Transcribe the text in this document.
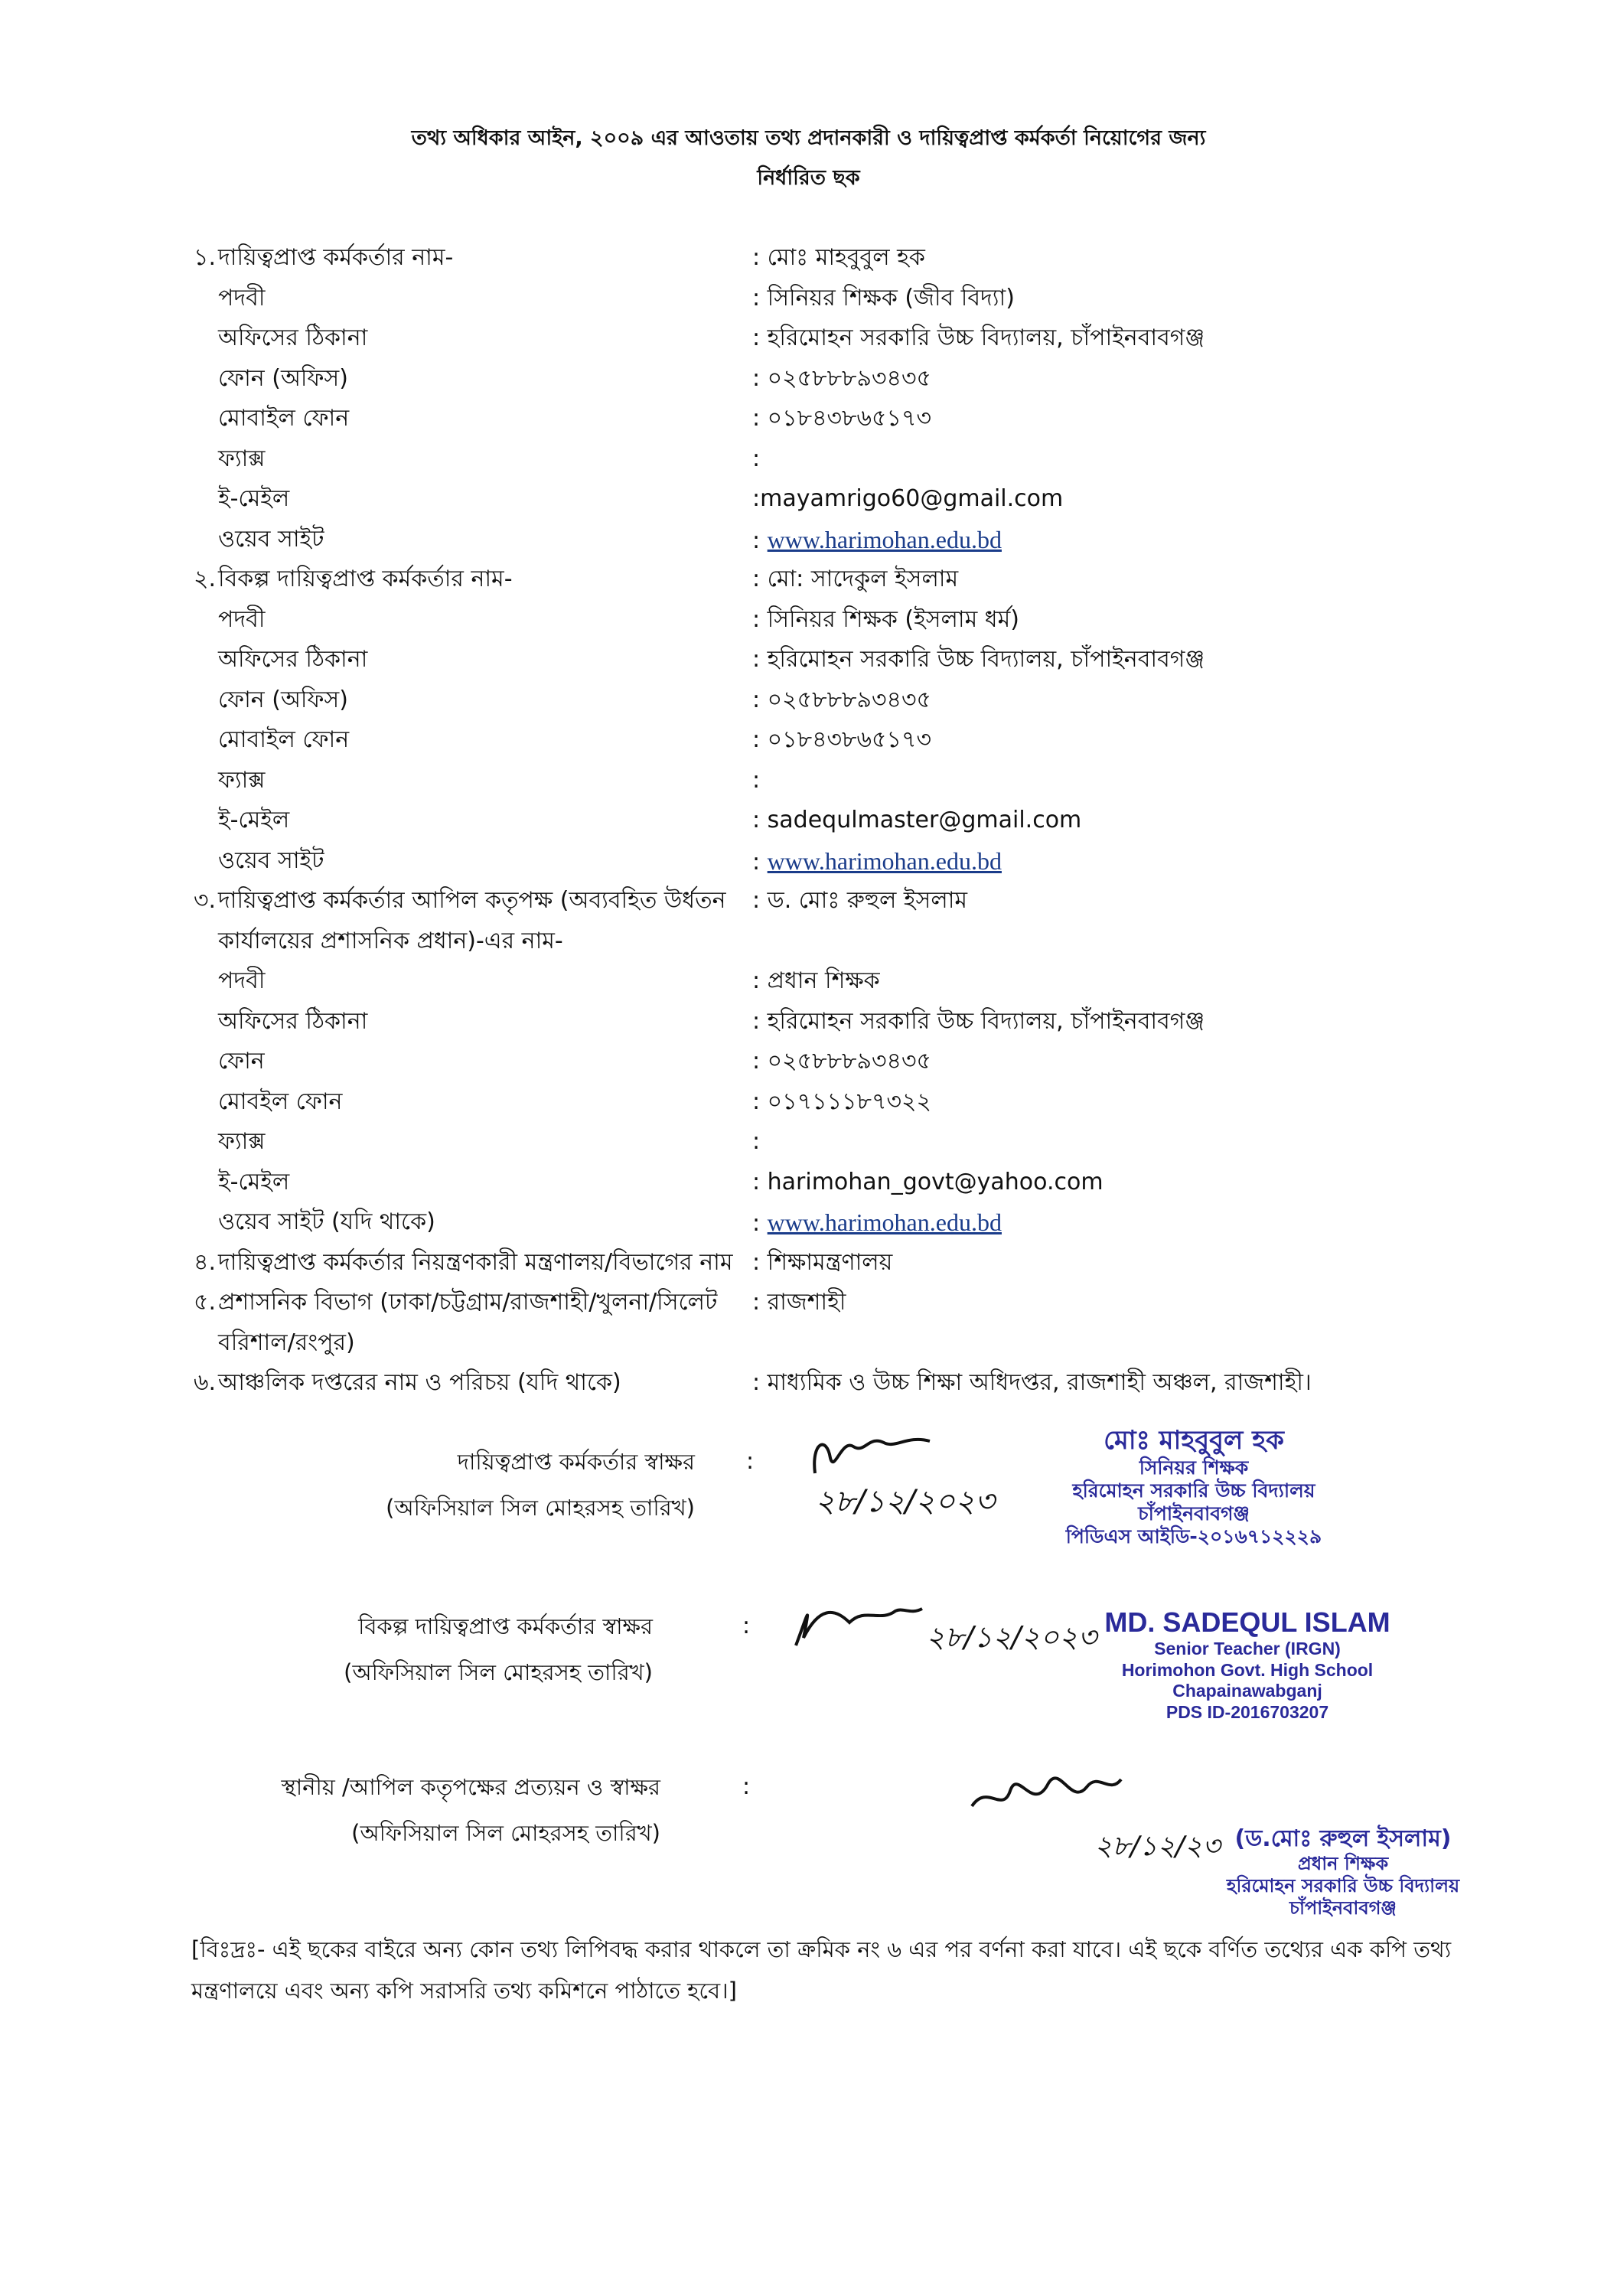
তথ্য অধিকার আইন, ২০০৯ এর আওতায় তথ্য প্রদানকারী ও দায়িত্বপ্রাপ্ত কর্মকর্তা নিয়োগের জন্য
নির্ধারিত ছক
১. দায়িত্বপ্রাপ্ত কর্মকর্তার নাম-	: মোঃ মাহবুবুল হক
পদবী	: সিনিয়র শিক্ষক (জীব বিদ্যা)
অফিসের ঠিকানা	: হরিমোহন সরকারি উচ্চ বিদ্যালয়, চাঁপাইনবাবগঞ্জ
ফোন (অফিস)	: ০২৫৮৮৮৯৩৪৩৫
মোবাইল ফোন	: ০১৮৪৩৮৬৫১৭৩
ফ্যাক্স	:
ই-মেইল	:mayamrigo60@gmail.com
ওয়েব সাইট	: www.harimohan.edu.bd
২. বিকল্প দায়িত্বপ্রাপ্ত কর্মকর্তার নাম-	: মো: সাদেকুল ইসলাম
পদবী	: সিনিয়র শিক্ষক (ইসলাম ধর্ম)
অফিসের ঠিকানা	: হরিমোহন সরকারি উচ্চ বিদ্যালয়, চাঁপাইনবাবগঞ্জ
ফোন (অফিস)	: ০২৫৮৮৮৯৩৪৩৫
মোবাইল ফোন	: ০১৮৪৩৮৬৫১৭৩
ফ্যাক্স	:
ই-মেইল	: sadequlmaster@gmail.com
ওয়েব সাইট	: www.harimohan.edu.bd
৩. দায়িত্বপ্রাপ্ত কর্মকর্তার আপিল কতৃপক্ষ (অব্যবহিত উর্ধতন : ড. মোঃ রুহুল ইসলাম
কার্যালয়ের প্রশাসনিক প্রধান)-এর নাম-
পদবী	: প্রধান শিক্ষক
অফিসের ঠিকানা	: হরিমোহন সরকারি উচ্চ বিদ্যালয়, চাঁপাইনবাবগঞ্জ
ফোন	: ০২৫৮৮৮৯৩৪৩৫
মোবইল ফোন	: ০১৭১১১৮৭৩২২
ফ্যাক্স	:
ই-মেইল	: harimohan_govt@yahoo.com
ওয়েব সাইট (যদি থাকে)	: www.harimohan.edu.bd
৪. দায়িত্বপ্রাপ্ত কর্মকর্তার নিয়ন্ত্রণকারী মন্ত্রণালয়/বিভাগের নাম : শিক্ষামন্ত্রণালয়
৫. প্রশাসনিক বিভাগ (ঢাকা/চট্টগ্রাম/রাজশাহী/খুলনা/সিলেট : রাজশাহী
বরিশাল/রংপুর)
৬. আঞ্চলিক দপ্তরের নাম ও পরিচয় (যদি থাকে)	: মাধ্যমিক ও উচ্চ শিক্ষা অধিদপ্তর, রাজশাহী অঞ্চল, রাজশাহী।
দায়িত্বপ্রাপ্ত কর্মকর্তার স্বাক্ষর
(অফিসিয়াল সিল মোহরসহ তারিখ)
:
২৮/১২/২০২৩
মোঃ মাহবুবুল হক
সিনিয়র শিক্ষক
হরিমোহন সরকারি উচ্চ বিদ্যালয়
চাঁপাইনবাবগঞ্জ
পিডিএস আইডি-২০১৬৭১২২২৯
বিকল্প দায়িত্বপ্রাপ্ত কর্মকর্তার স্বাক্ষর
(অফিসিয়াল সিল মোহরসহ তারিখ)
:	২৮/১২/২০২৩ MD. SADEQUL ISLAM
Senior Teacher (IRGN)
Horimohon Govt. High School
Chapainawabganj
PDS ID-2016703207
স্থানীয় /আপিল কতৃপক্ষের প্রত্যয়ন ও স্বাক্ষর
(অফিসিয়াল সিল মোহরসহ তারিখ)
:
২৮/১২/২৩ (ড.মোঃ রুহুল ইসলাম)
প্রধান শিক্ষক
হরিমোহন সরকারি উচ্চ বিদ্যালয়
চাঁপাইনবাবগঞ্জ
[বিঃদ্রঃ- এই ছকের বাইরে অন্য কোন তথ্য লিপিবদ্ধ করার থাকলে তা ক্রমিক নং ৬ এর পর বর্ণনা করা যাবে। এই ছকে বর্ণিত তথ্যের এক কপি তথ্য মন্ত্রণালয়ে এবং অন্য কপি সরাসরি তথ্য কমিশনে পাঠাতে হবে।]
